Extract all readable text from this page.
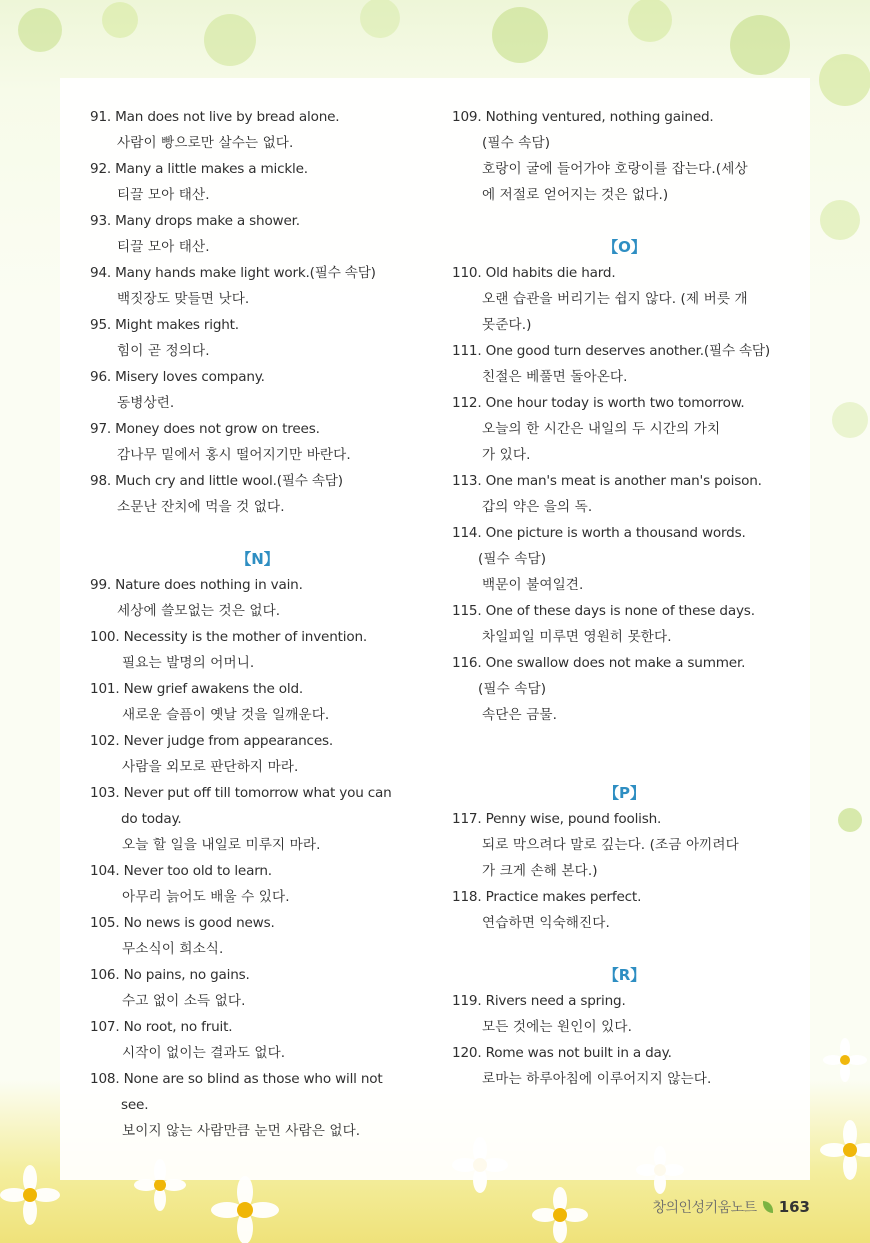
91. Man does not live by bread alone.
사람이 빵으로만 살수는 없다.
92. Many a little makes a mickle.
티끌 모아 태산.
93. Many drops make a shower.
티끌 모아 태산.
94. Many hands make light work.(필수 속담)
백짓장도 맞들면 낫다.
95. Might makes right.
힘이 곧 정의다.
96. Misery loves company.
동병상련.
97. Money does not grow on trees.
감나무 밑에서 홍시 떨어지기만 바란다.
98. Much cry and little wool.(필수 속담)
소문난 잔치에 먹을 것 없다.
【N】
99. Nature does nothing in vain.
세상에 쓸모없는 것은 없다.
100. Necessity is the mother of invention.
필요는 발명의 어머니.
101. New grief awakens the old.
새로운 슬픔이 옛날 것을 일깨운다.
102. Never judge from appearances.
사람을 외모로 판단하지 마라.
103. Never put off till tomorrow what you can
do today.
오늘 할 일을 내일로 미루지 마라.
104. Never too old to learn.
아무리 늙어도 배울 수 있다.
105. No news is good news.
무소식이 희소식.
106. No pains, no gains.
수고 없이 소득 없다.
107. No root, no fruit.
시작이 없이는 결과도 없다.
108. None are so blind as those who will not
see.
보이지 않는 사람만큼 눈먼 사람은 없다.
109. Nothing ventured, nothing gained.
(필수 속담)
호랑이 굴에 들어가야 호랑이를 잡는다.(세상
에 저절로 얻어지는 것은 없다.)
【O】
110. Old habits die hard.
오랜 습관을 버리기는 쉽지 않다. (제 버릇 개
못준다.)
111. One good turn deserves another.(필수 속담)
친절은 베풀면 돌아온다.
112. One hour today is worth two tomorrow.
오늘의 한 시간은 내일의 두 시간의 가치
가 있다.
113. One man's meat is another man's poison.
갑의 약은 을의 독.
114. One picture is worth a thousand words.
(필수 속담)
백문이 불여일견.
115. One of these days is none of these days.
차일피일 미루면 영원히 못한다.
116. One swallow does not make a summer.
(필수 속담)
속단은 금물.
【P】
117. Penny wise, pound foolish.
되로 막으려다 말로 깊는다. (조금 아끼려다
가 크게 손해 본다.)
118. Practice makes perfect.
연습하면 익숙해진다.
【R】
119. Rivers need a spring.
모든 것에는 원인이 있다.
120. Rome was not built in a day.
로마는 하루아침에 이루어지지 않는다.
창의인성키움노트 163
